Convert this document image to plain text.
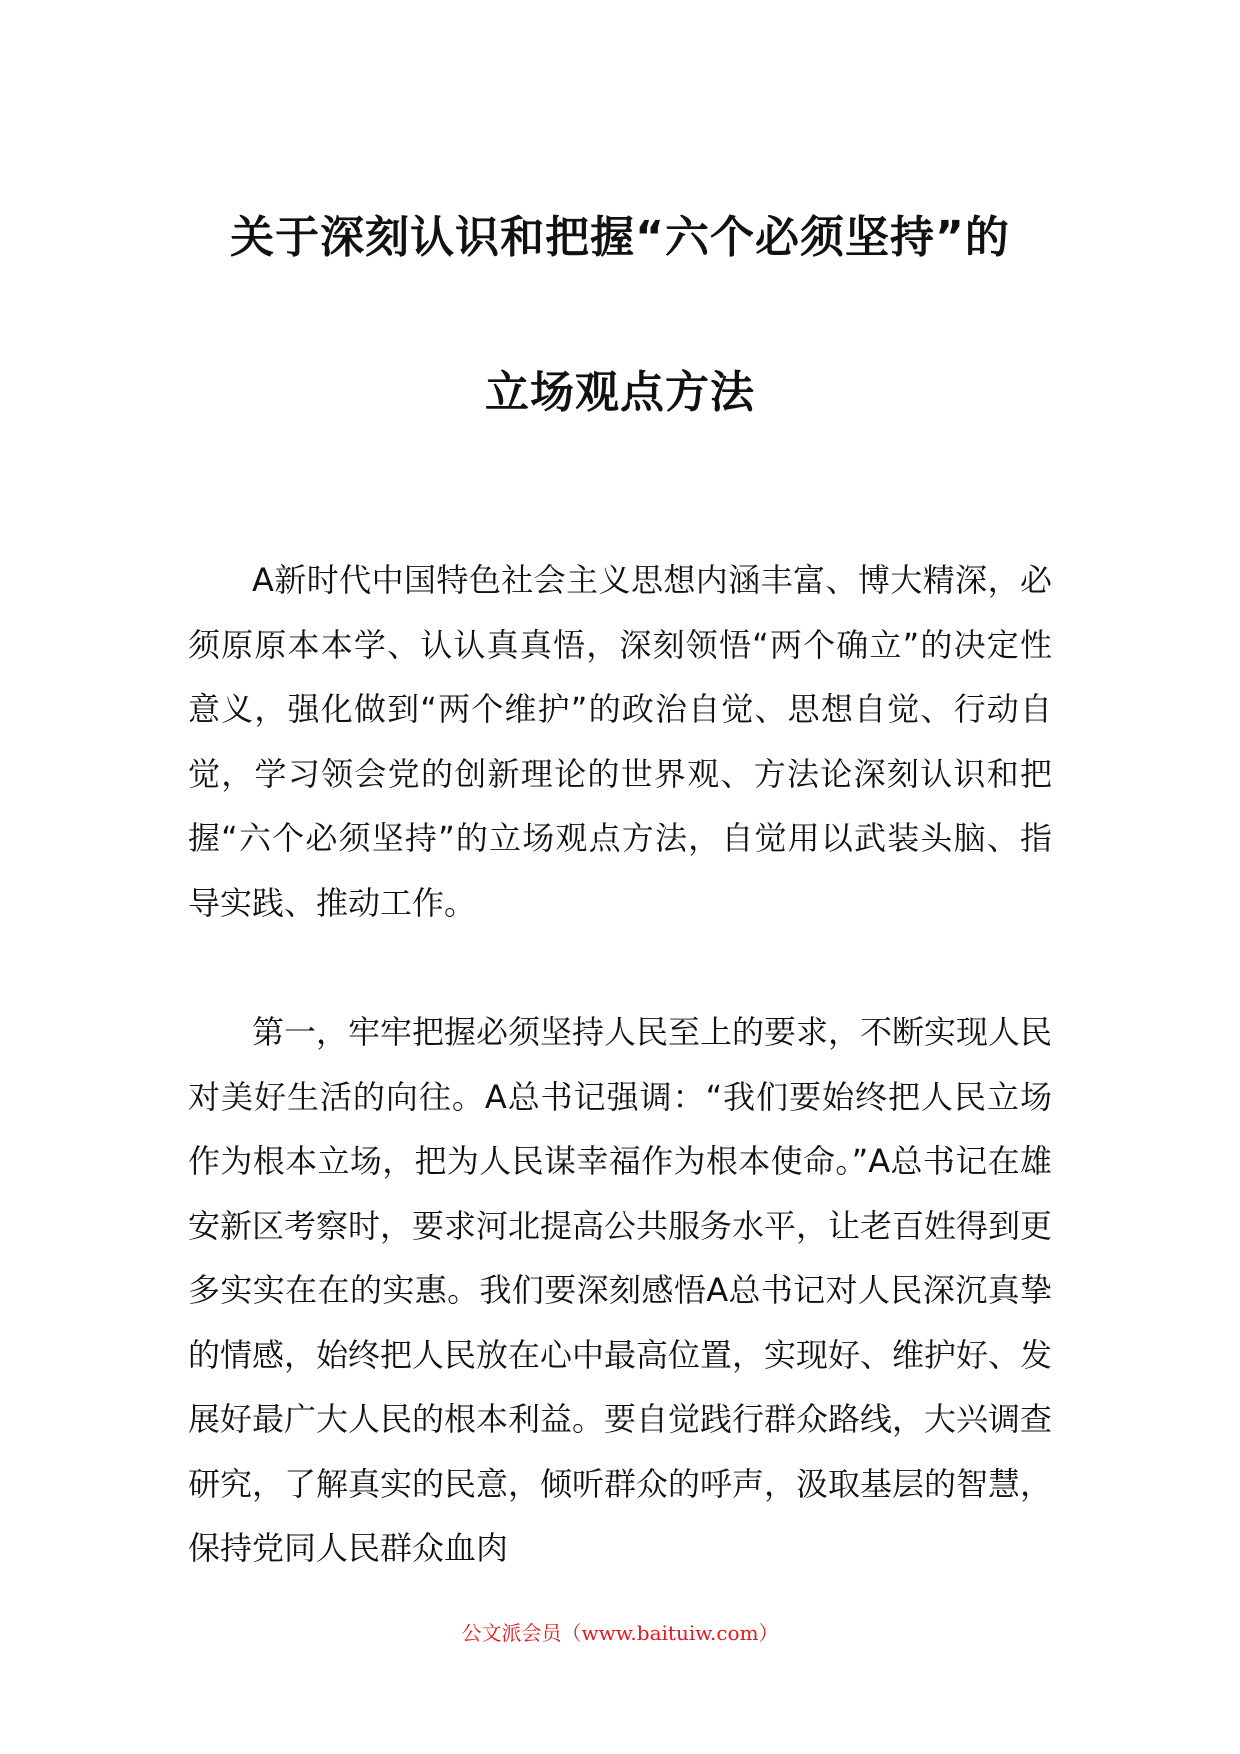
关于深刻认识和把握“六个必须坚持”的
立场观点方法

A新时代中国特色社会主义思想内涵丰富、博大精深，必须原原本本学、认认真真悟，深刻领悟“两个确立”的决定性意义，强化做到“两个维护”的政治自觉、思想自觉、行动自觉，学习领会党的创新理论的世界观、方法论深刻认识和把握“六个必须坚持”的立场观点方法，自觉用以武装头脑、指导实践、推动工作。

第一，牢牢把握必须坚持人民至上的要求，不断实现人民对美好生活的向往。A总书记强调：“我们要始终把人民立场作为根本立场，把为人民谋幸福作为根本使命。”A总书记在雄安新区考察时，要求河北提高公共服务水平，让老百姓得到更多实实在在的实惠。我们要深刻感悟A总书记对人民深沉真挚的情感，始终把人民放在心中最高位置，实现好、维护好、发展好最广大人民的根本利益。要自觉践行群众路线，大兴调查研究，了解真实的民意，倾听群众的呼声，汲取基层的智慧，保持党同人民群众血肉

公文派会员（www.baituiw.com）
